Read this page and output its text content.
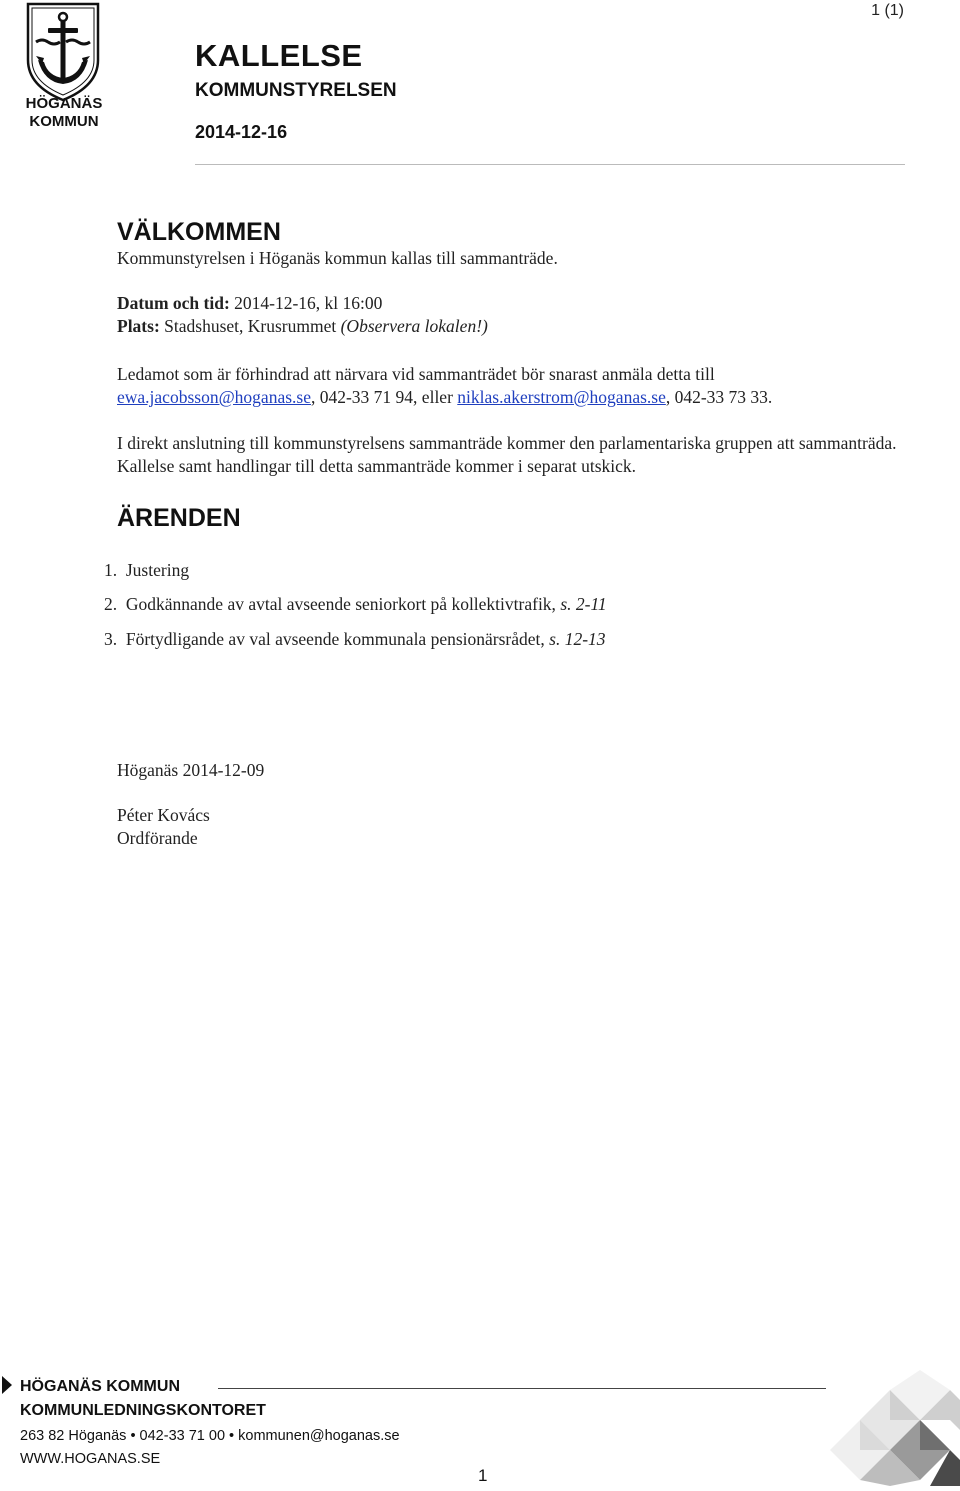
HÖGANÄS
KOMMUN
1 (1)
KALLELSE
KOMMUNSTYRELSEN
2014-12-16
VÄLKOMMEN
Kommunstyrelsen i Höganäs kommun kallas till sammanträde.
Datum och tid: 2014-12-16, kl 16:00
Plats: Stadshuset, Krusrummet (Observera lokalen!)
Ledamot som är förhindrad att närvara vid sammanträdet bör snarast anmäla detta till ewa.jacobsson@hoganas.se, 042-33 71 94, eller niklas.akerstrom@hoganas.se, 042-33 73 33.
I direkt anslutning till kommunstyrelsens sammanträde kommer den parlamentariska gruppen att sammanträda. Kallelse samt handlingar till detta sammanträde kommer i separat utskick.
ÄRENDEN
1. Justering
2. Godkännande av avtal avseende seniorkort på kollektivtrafik, s. 2-11
3. Förtydligande av val avseende kommunala pensionärsrådet, s. 12-13
Höganäs 2014-12-09
Péter Kovács
Ordförande
HÖGANÄS KOMMUN
KOMMUNLEDNINGSKONTORET
263 82 Höganäs • 042-33 71 00 • kommunen@hoganas.se
WWW.HOGANAS.SE
1
